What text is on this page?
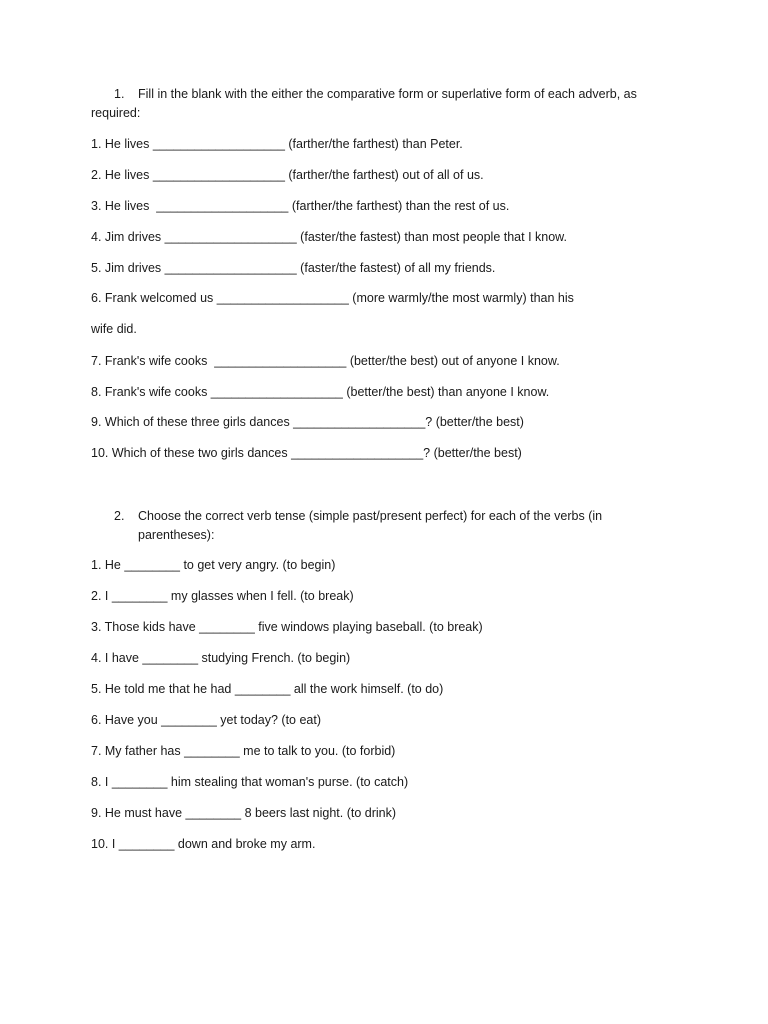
1.	Fill in the blank with the either the comparative form or superlative form of each adverb, as
required:
1. He lives ___________________ (farther/the farthest) than Peter.
2. He lives ___________________ (farther/the farthest) out of all of us.
3. He lives  ___________________ (farther/the farthest) than the rest of us.
4. Jim drives ___________________ (faster/the fastest) than most people that I know.
5. Jim drives ___________________ (faster/the fastest) of all my friends.
6. Frank welcomed us ___________________ (more warmly/the most warmly) than his
wife did.
7. Frank's wife cooks  ___________________ (better/the best) out of anyone I know.
8. Frank's wife cooks ___________________ (better/the best) than anyone I know.
9. Which of these three girls dances ___________________? (better/the best)
10. Which of these two girls dances ___________________? (better/the best)
2.	Choose the correct verb tense (simple past/present perfect) for each of the verbs (in
parentheses):
1. He ________ to get very angry. (to begin)
2. I ________ my glasses when I fell. (to break)
3. Those kids have ________ five windows playing baseball. (to break)
4. I have ________ studying French. (to begin)
5. He told me that he had ________ all the work himself. (to do)
6. Have you ________ yet today? (to eat)
7. My father has ________ me to talk to you. (to forbid)
8. I ________ him stealing that woman's purse. (to catch)
9. He must have ________ 8 beers last night. (to drink)
10. I ________ down and broke my arm.
